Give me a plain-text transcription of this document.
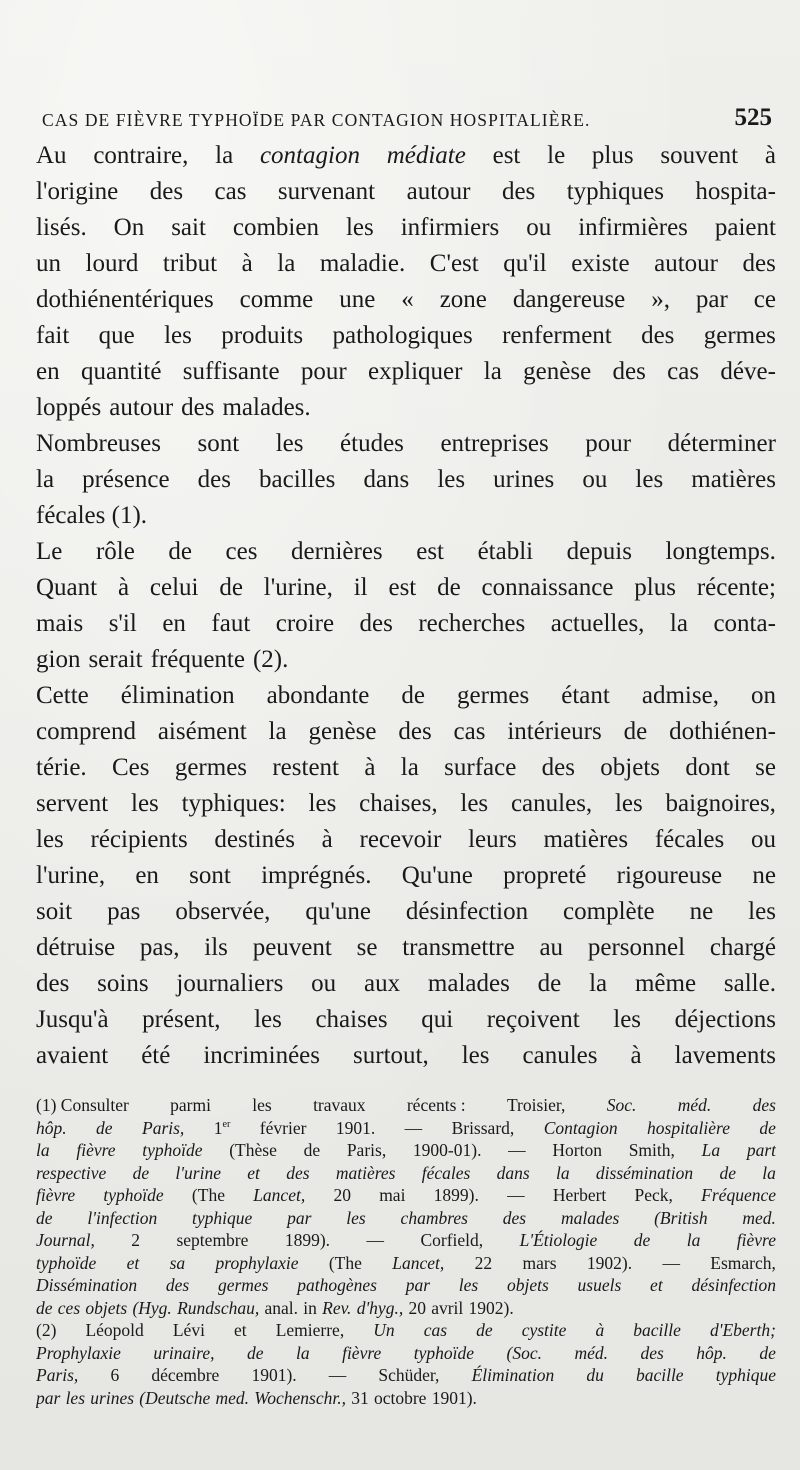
CAS DE FIÈVRE TYPHOÏDE PAR CONTAGION HOSPITALIÈRE.	525
Au contraire, la contagion médiate est le plus souvent à
l'origine des cas survenant autour des typhiques hospita-
lisés. On sait combien les infirmiers ou infirmières paient
un lourd tribut à la maladie. C'est qu'il existe autour des
dothiénentériques comme une « zone dangereuse », par ce
fait que les produits pathologiques renferment des germes
en quantité suffisante pour expliquer la genèse des cas déve-
loppés autour des malades.
Nombreuses sont les études entreprises pour déterminer
la présence des bacilles dans les urines ou les matières
fécales (1).
Le rôle de ces dernières est établi depuis longtemps.
Quant à celui de l'urine, il est de connaissance plus récente;
mais s'il en faut croire des recherches actuelles, la conta-
gion serait fréquente (2).
Cette élimination abondante de germes étant admise, on
comprend aisément la genèse des cas intérieurs de dothiénen-
térie. Ces germes restent à la surface des objets dont se
servent les typhiques: les chaises, les canules, les baignoires,
les récipients destinés à recevoir leurs matières fécales ou
l'urine, en sont imprégnés. Qu'une propreté rigoureuse ne
soit pas observée, qu'une désinfection complète ne les
détruise pas, ils peuvent se transmettre au personnel chargé
des soins journaliers ou aux malades de la même salle.
Jusqu'à présent, les chaises qui reçoivent les déjections
avaient été incriminées surtout, les canules à lavements
(1) Consulter parmi les travaux récents : Troisier, Soc. méd. des
hôp. de Paris, 1er février 1901. — Brissard, Contagion hospitalière de
la fièvre typhoïde (Thèse de Paris, 1900-01). — Horton Smith, La part
respective de l'urine et des matières fécales dans la dissémination de la
fièvre typhoïde (The Lancet, 20 mai 1899). — Herbert Peck, Fréquence
de l'infection typhique par les chambres des malades (British med.
Journal, 2 septembre 1899). — Corfield, L'Étiologie de la fièvre
typhoïde et sa prophylaxie (The Lancet, 22 mars 1902). — Esmarch,
Dissémination des germes pathogènes par les objets usuels et désinfection
de ces objets (Hyg. Rundschau, anal. in Rev. d'hyg., 20 avril 1902).
(2) Léopold Lévi et Lemierre, Un cas de cystite à bacille d'Eberth;
Prophylaxie urinaire, de la fièvre typhoïde (Soc. méd. des hôp. de
Paris, 6 décembre 1901). — Schüder, Élimination du bacille typhique
par les urines (Deutsche med. Wochenschr., 31 octobre 1901).
